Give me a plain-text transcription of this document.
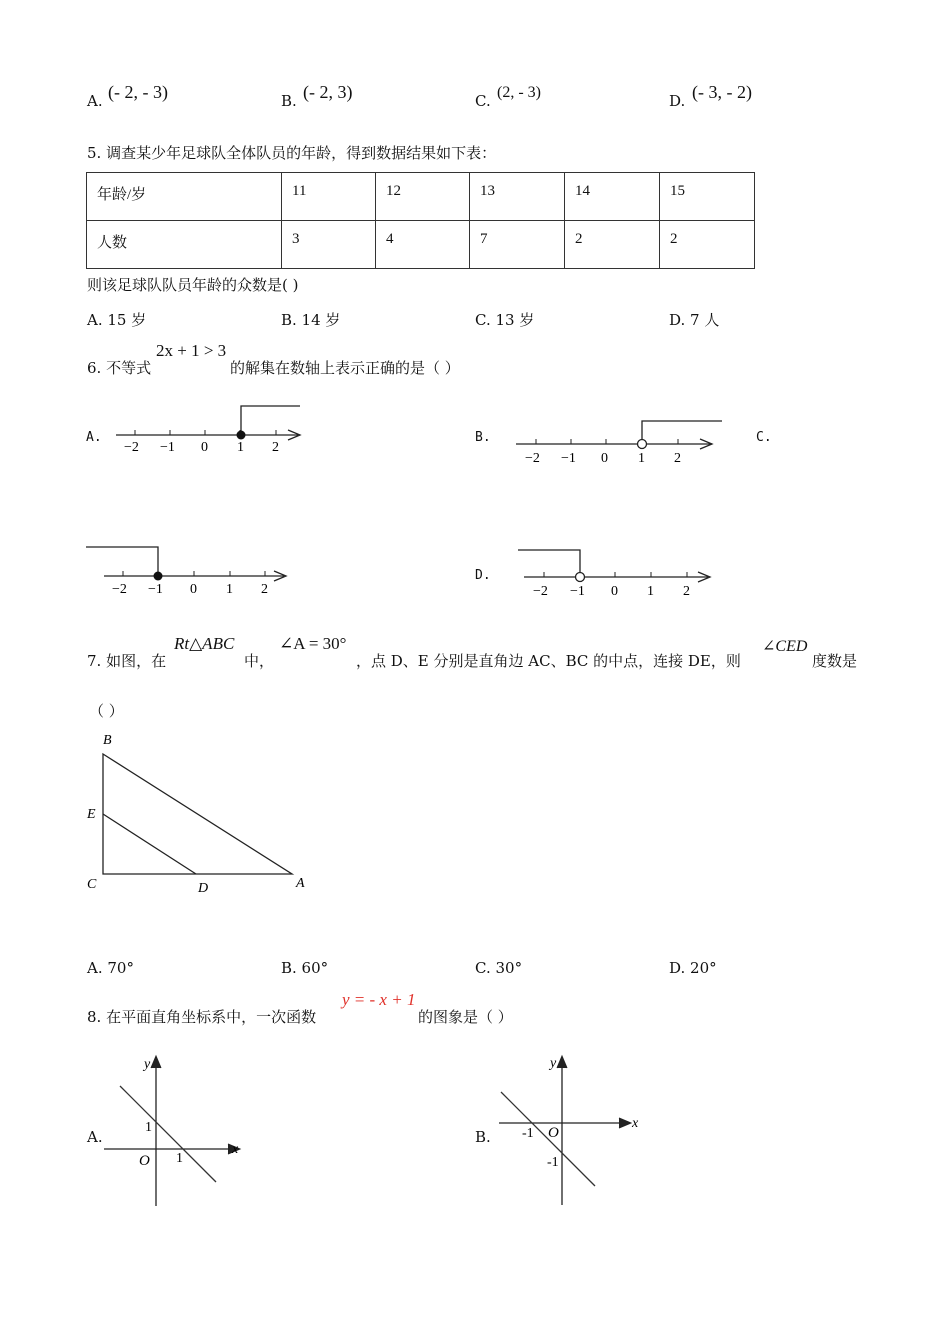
A. (- 2, - 3)	B. (- 2, 3)	C. (2, - 3)	D. (- 3, - 2)
5. 调查某少年足球队全体队员的年龄，得到数据结果如下表：
年龄/岁	11	12	13	14	15
人数	3	4	7	2	2
则该足球队队员年龄的众数是( )
A. 15 岁	B. 14 岁	C. 13 岁	D. 7 人
6. 不等式
2x + 1 > 3
的解集在数轴上表示正确的是（ ）
A.	B.	C.
D.
−2 −1 0 1 2
−2 −1 0 1 2
−2 −1 0 1 2	−2 −1 0 1 2
7. 如图，在
Rt△ABC
中，
∠A = 30°
，点 D、E 分别是直角边 AC、BC 的中点，连接 DE，则
∠CED
度数是
（ ）
B
E
C	D	A
A. 70°	B. 60°	C. 30°	D. 20°
8. 在平面直角坐标系中，一次函数
y = - x + 1
的图象是（ ）
A.	B.
y
x
O
1
1
y
x
O
-1
-1
